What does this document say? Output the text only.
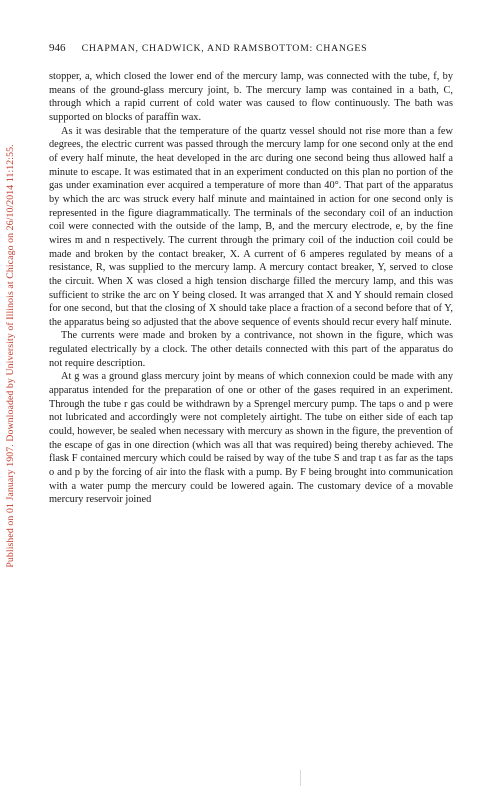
Published on 01 January 1907. Downloaded by University of Illinois at Chicago on 26/10/2014 11:12:55.
946 CHAPMAN, CHADWICK, AND RAMSBOTTOM: CHANGES

stopper, a, which closed the lower end of the mercury lamp, was connected with the tube, f, by means of the ground-glass mercury joint, b. The mercury lamp was contained in a bath, C, through which a rapid current of cold water was caused to flow continuously. The bath was supported on blocks of paraffin wax.

As it was desirable that the temperature of the quartz vessel should not rise more than a few degrees, the electric current was passed through the mercury lamp for one second only at the end of every half minute, the heat developed in the arc during one second being thus allowed half a minute to escape. It was estimated that in an experiment conducted on this plan no portion of the gas under examination ever acquired a temperature of more than 40°. That part of the apparatus by which the arc was struck every half minute and maintained in action for one second only is represented in the figure diagrammatically. The terminals of the secondary coil of an induction coil were connected with the outside of the lamp, B, and the mercury electrode, e, by the fine wires m and n respectively. The current through the primary coil of the induction coil could be made and broken by the contact breaker, X. A current of 6 amperes regulated by means of a resistance, R, was supplied to the mercury lamp. A mercury contact breaker, Y, served to close the circuit. When X was closed a high tension discharge filled the mercury lamp, and this was sufficient to strike the arc on Y being closed. It was arranged that X and Y should remain closed for one second, but that the closing of X should take place a fraction of a second before that of Y, the apparatus being so adjusted that the above sequence of events should recur every half minute.

The currents were made and broken by a contrivance, not shown in the figure, which was regulated electrically by a clock. The other details connected with this part of the apparatus do not require description.

At g was a ground glass mercury joint by means of which connexion could be made with any apparatus intended for the preparation of one or other of the gases required in an experiment. Through the tube r gas could be withdrawn by a Sprengel mercury pump. The taps o and p were not lubricated and accordingly were not completely airtight. The tube on either side of each tap could, however, be sealed when necessary with mercury as shown in the figure, the prevention of the escape of gas in one direction (which was all that was required) being thereby achieved. The flask F contained mercury which could be raised by way of the tube S and trap t as far as the taps o and p by the forcing of air into the flask with a pump. By F being brought into communication with a water pump the mercury could be lowered again. The customary device of a movable mercury reservoir joined
